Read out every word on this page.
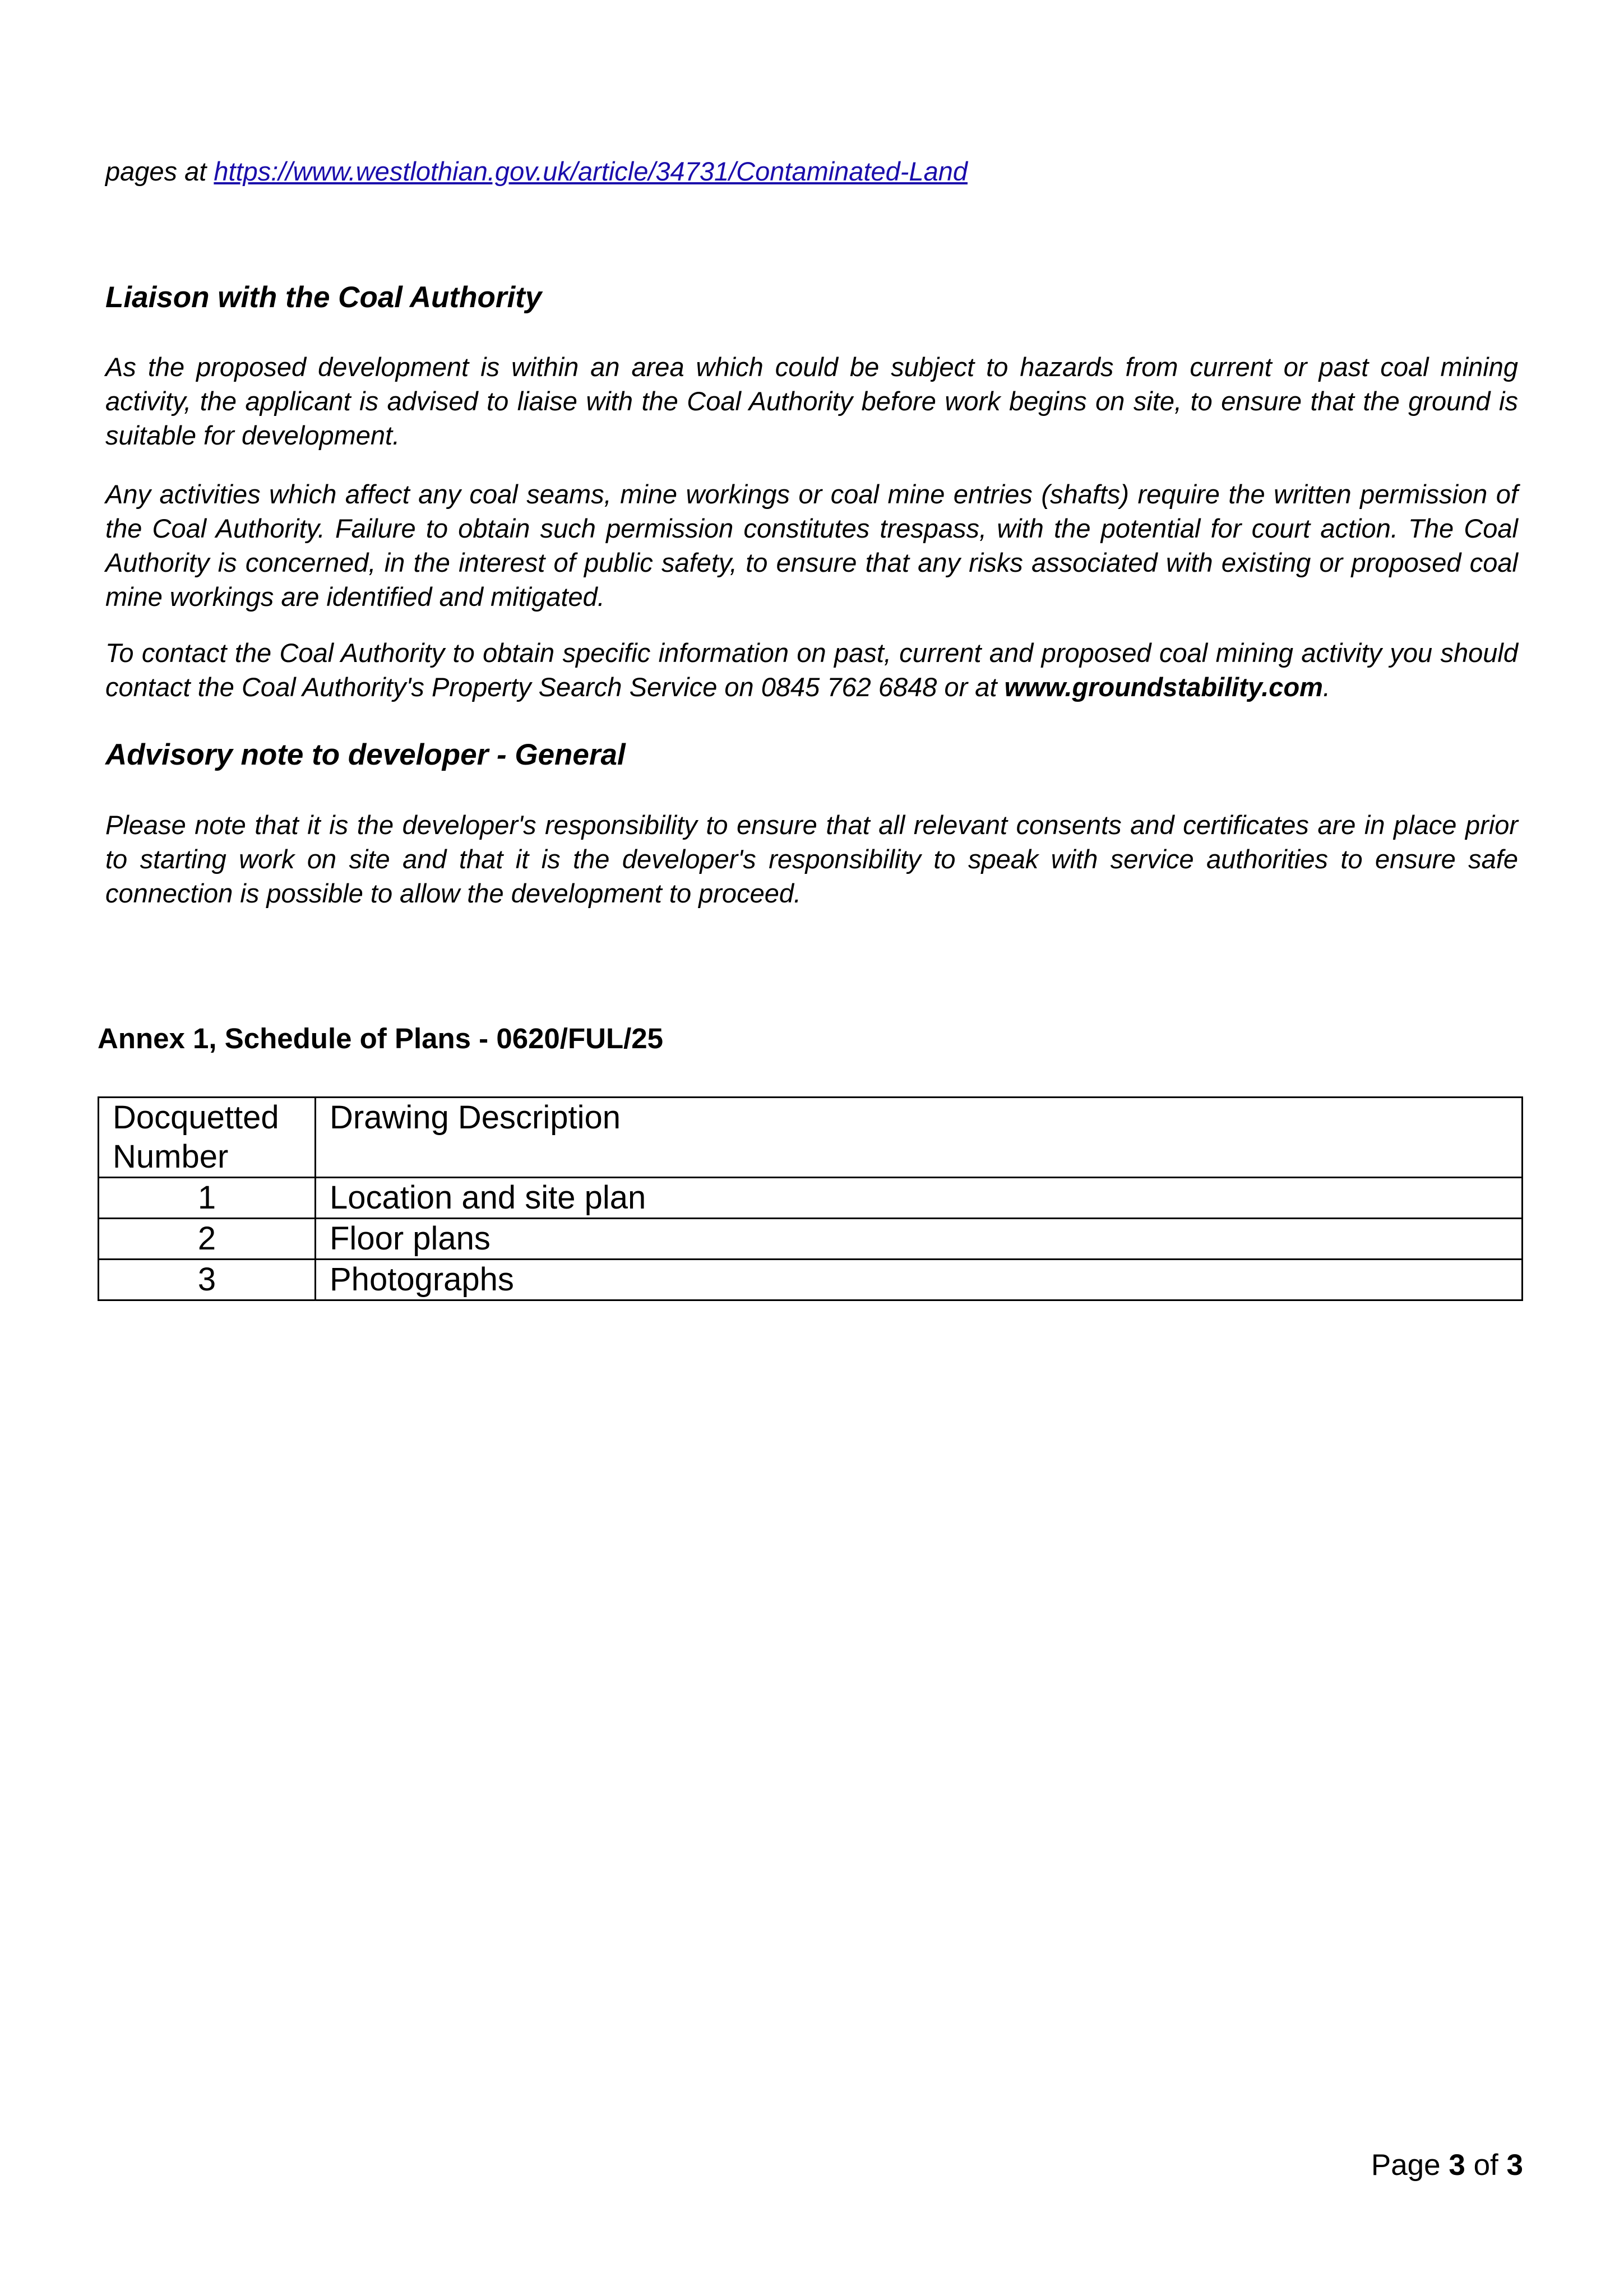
pages at https://www.westlothian.gov.uk/article/34731/Contaminated-Land
Liaison with the Coal Authority
As the proposed development is within an area which could be subject to hazards from current or past coal mining activity, the applicant is advised to liaise with the Coal Authority before work begins on site, to ensure that the ground is suitable for development.
Any activities which affect any coal seams, mine workings or coal mine entries (shafts) require the written permission of the Coal Authority. Failure to obtain such permission constitutes trespass, with the potential for court action. The Coal Authority is concerned, in the interest of public safety, to ensure that any risks associated with existing or proposed coal mine workings are identified and mitigated.
To contact the Coal Authority to obtain specific information on past, current and proposed coal mining activity you should contact the Coal Authority's Property Search Service on 0845 762 6848 or at www.groundstability.com.
Advisory note to developer - General
Please note that it is the developer's responsibility to ensure that all relevant consents and certificates are in place prior to starting work on site and that it is the developer's responsibility to speak with service authorities to ensure safe connection is possible to allow the development to proceed.
Annex 1, Schedule of Plans - 0620/FUL/25
Docquetted Number	Drawing Description
1	Location and site plan
2	Floor plans
3	Photographs
Page 3 of 3
